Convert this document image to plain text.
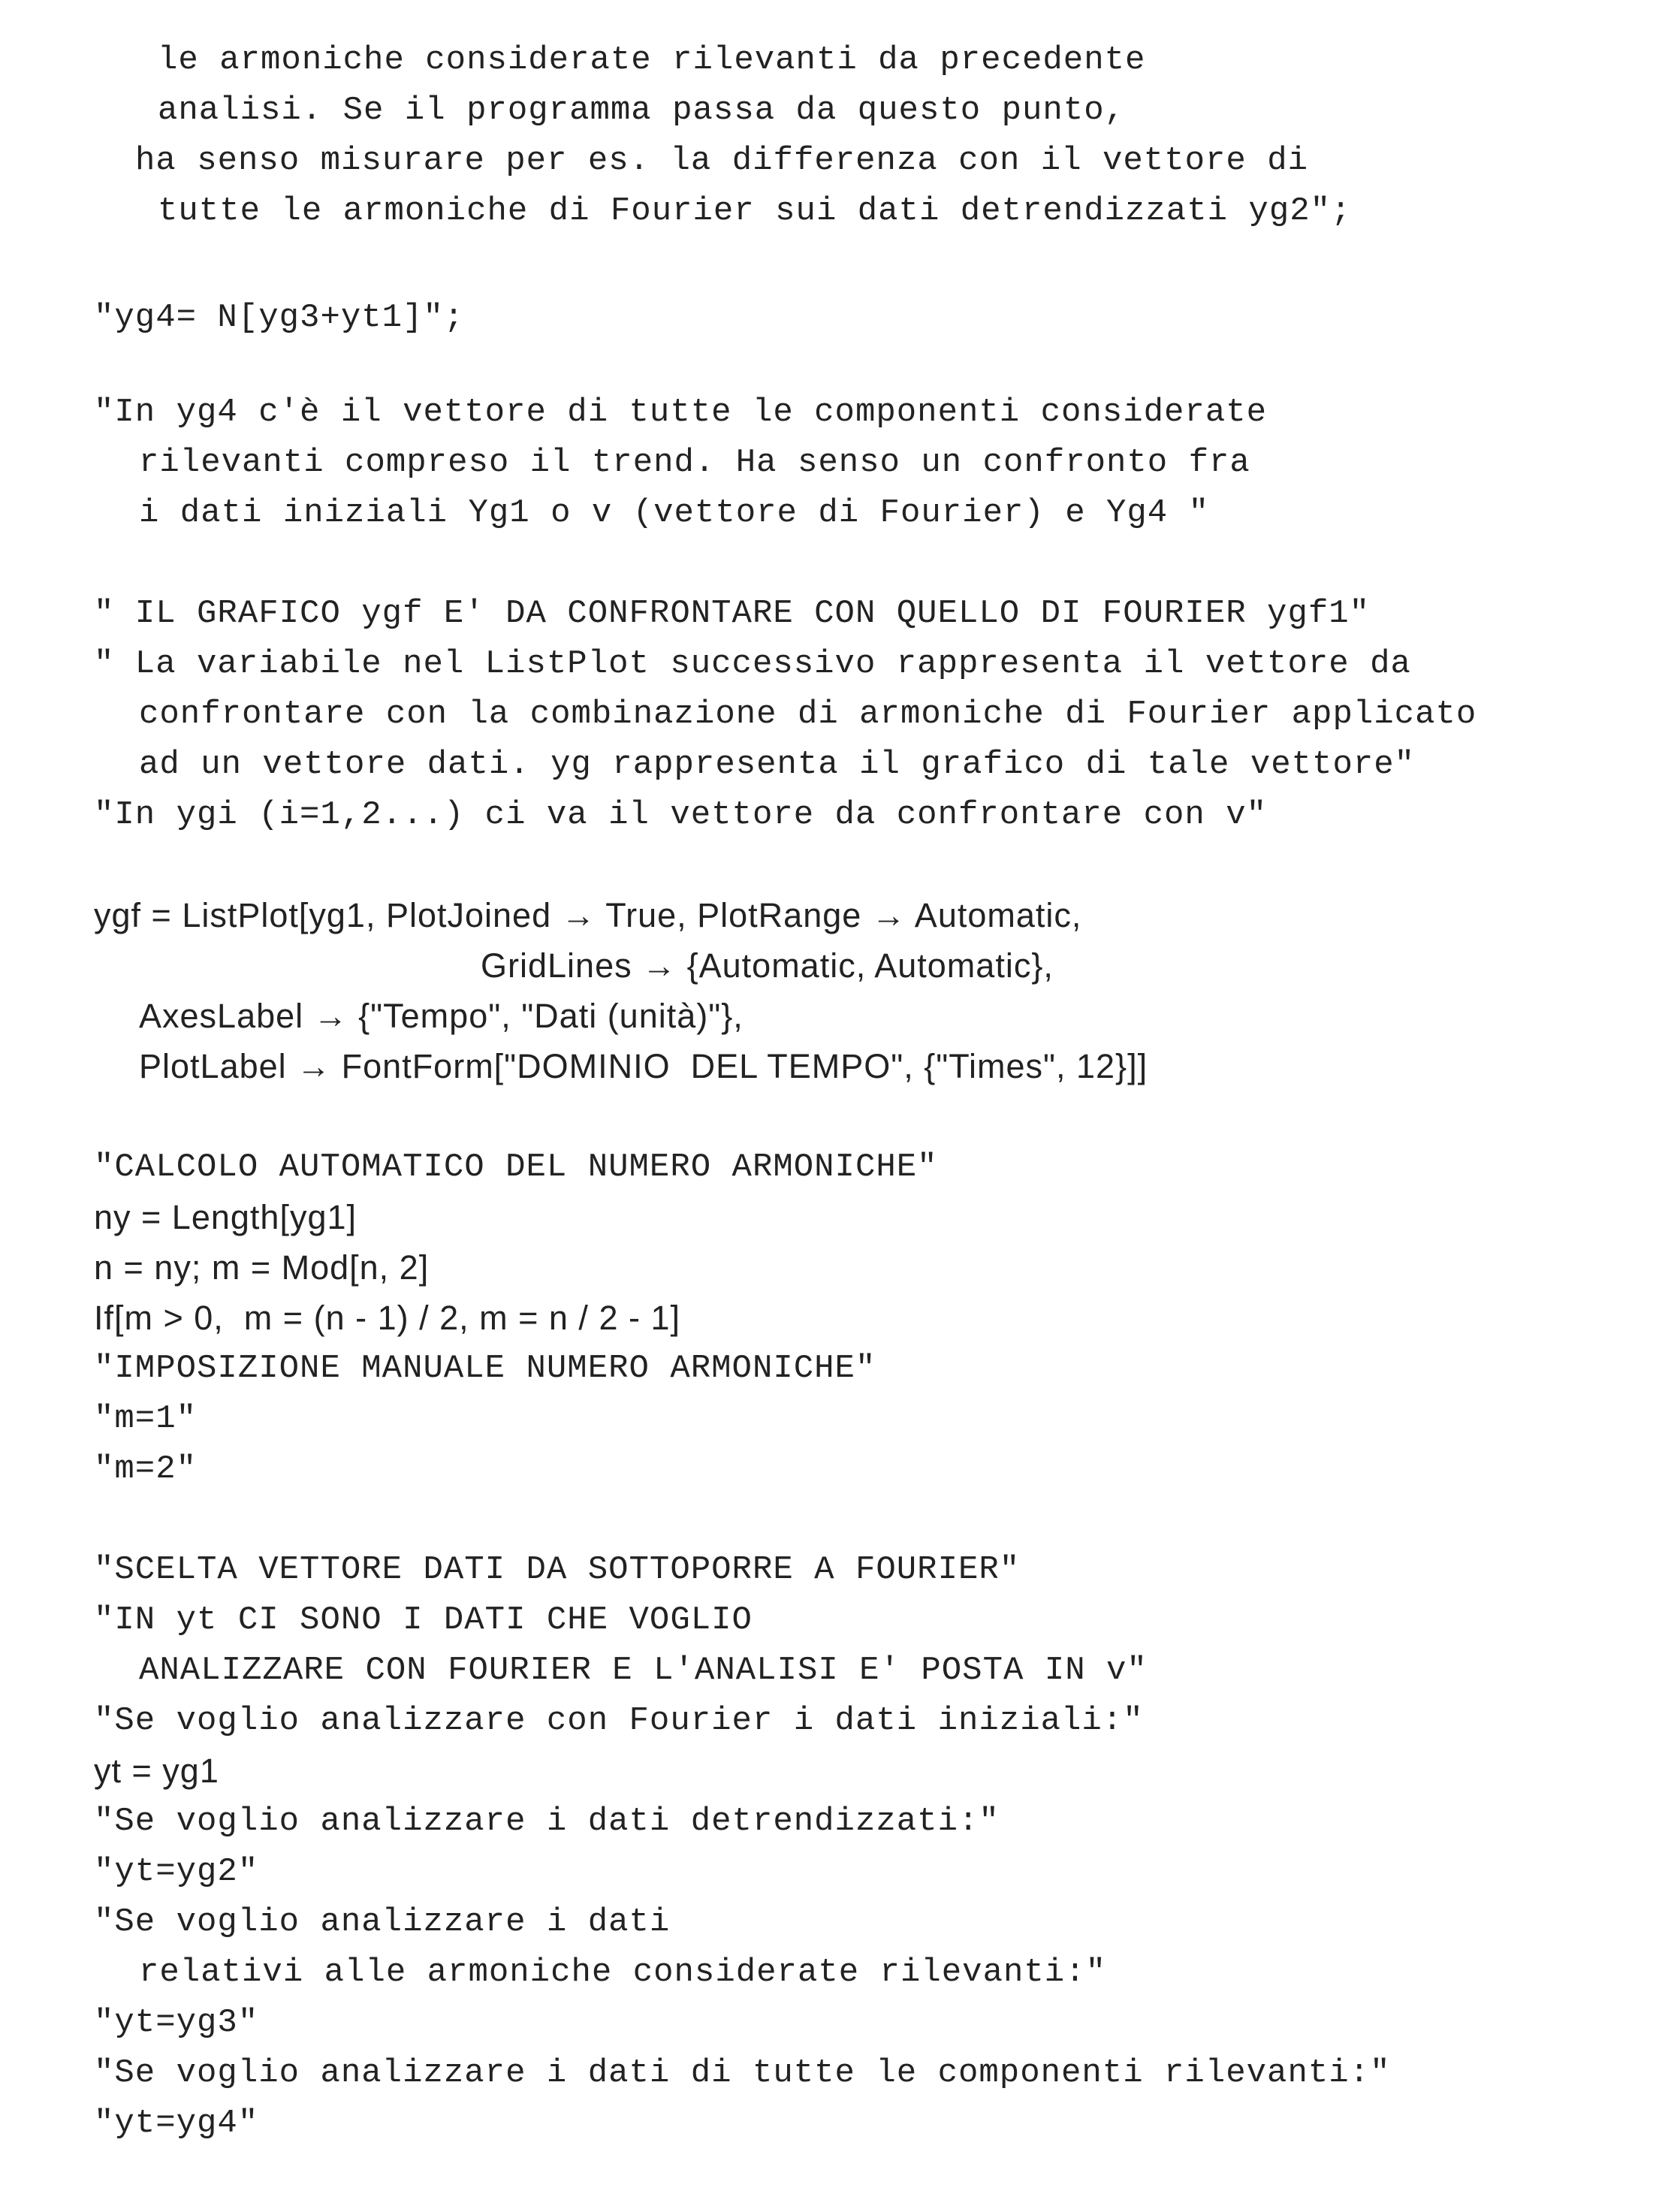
le armoniche considerate rilevanti da precedente
analisi. Se il programma passa da questo punto,
ha senso misurare per es. la differenza con il vettore di
tutte le armoniche di Fourier sui dati detrendizzati yg2";
"yg4= N[yg3+yt1]";
"In yg4 c'è il vettore di tutte le componenti considerate
rilevanti compreso il trend. Ha senso un confronto fra
i dati iniziali Yg1 o v (vettore di Fourier) e Yg4 "
" IL GRAFICO ygf E' DA CONFRONTARE CON QUELLO DI FOURIER ygf1"
" La variabile nel ListPlot successivo rappresenta il vettore da
confrontare con la combinazione di armoniche di Fourier applicato
ad un vettore dati. yg rappresenta il grafico di tale vettore"
"In ygi (i=1,2...) ci va il vettore da confrontare con v"
ygf = ListPlot[yg1, PlotJoined → True, PlotRange → Automatic,
GridLines → {Automatic, Automatic},
AxesLabel → {"Tempo", "Dati (unità)"},
PlotLabel → FontForm["DOMINIO  DEL TEMPO", {"Times", 12}]]
"CALCOLO AUTOMATICO DEL NUMERO ARMONICHE"
ny = Length[yg1]
n = ny; m = Mod[n, 2]
If[m > 0,  m = (n - 1) / 2, m = n / 2 - 1]
"IMPOSIZIONE MANUALE NUMERO ARMONICHE"
"m=1"
"m=2"
"SCELTA VETTORE DATI DA SOTTOPORRE A FOURIER"
"IN yt CI SONO I DATI CHE VOGLIO
ANALIZZARE CON FOURIER E L'ANALISI E' POSTA IN v"
"Se voglio analizzare con Fourier i dati iniziali:"
yt = yg1
"Se voglio analizzare i dati detrendizzati:"
"yt=yg2"
"Se voglio analizzare i dati
relativi alle armoniche considerate rilevanti:"
"yt=yg3"
"Se voglio analizzare i dati di tutte le componenti rilevanti:"
"yt=yg4"
